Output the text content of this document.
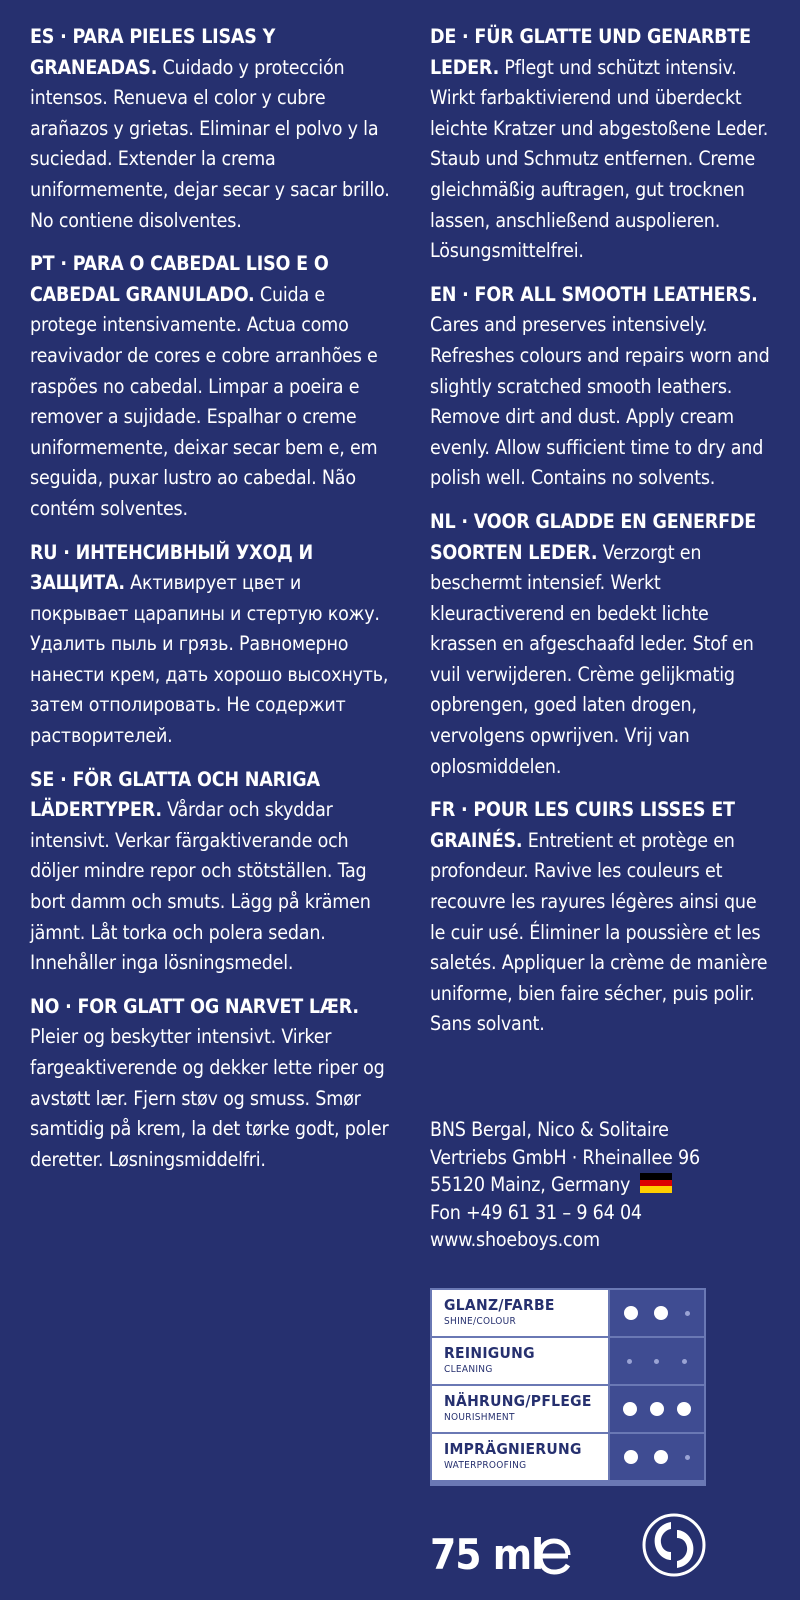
ES · PARA PIELES LISAS Y GRANEADAS. Cuidado y protección intensos. Renueva el color y cubre arañazos y grietas. Eliminar el polvo y la suciedad. Extender la crema uniformemente, dejar secar y sacar brillo. No contiene disolventes.

PT · PARA O CABEDAL LISO E O CABEDAL GRANULADO. Cuida e protege intensivamente. Actua como reavivador de cores e cobre arranhões e raspões no cabedal. Limpar a poeira e remover a sujidade. Espalhar o creme uniformemente, deixar secar bem e, em seguida, puxar lustro ao cabedal. Não contém solventes.

RU · ИНТЕНСИВНЫЙ УХОД И ЗАЩИТА. Активирует цвет и покрывает царапины и стертую кожу. Удалить пыль и грязь. Равномерно нанести крем, дать хорошо высохнуть, затем отполировать. Не содержит растворителей.

SE · FÖR GLATTA OCH NARIGA LÄDERTYPER. Vårdar och skyddar intensivt. Verkar färgaktiverande och döljer mindre repor och stötställen. Tag bort damm och smuts. Lägg på krämen jämnt. Låt torka och polera sedan. Innehåller inga lösningsmedel.

NO · FOR GLATT OG NARVET LÆR. Pleier og beskytter intensivt. Virker fargeaktiverende og dekker lette riper og avstøtt lær. Fjern støv og smuss. Smør samtidig på krem, la det tørke godt, poler deretter. Løsningsmiddelfri.

DE · FÜR GLATTE UND GENARBTE LEDER. Pflegt und schützt intensiv. Wirkt farbaktivierend und überdeckt leichte Kratzer und abgestoßene Leder. Staub und Schmutz entfernen. Creme gleichmäßig auftragen, gut trocknen lassen, anschließend auspolieren. Lösungsmittelfrei.

EN · FOR ALL SMOOTH LEATHERS. Cares and preserves intensively. Refreshes colours and repairs worn and slightly scratched smooth leathers. Remove dirt and dust. Apply cream evenly. Allow sufficient time to dry and polish well. Contains no solvents.

NL · VOOR GLADDE EN GENERFDE SOORTEN LEDER. Verzorgt en beschermt intensief. Werkt kleuractiverend en bedekt lichte krassen en afgeschaafd leder. Stof en vuil verwijderen. Crème gelijkmatig opbrengen, goed laten drogen, vervolgens opwrijven. Vrij van oplosmiddelen.

FR · POUR LES CUIRS LISSES ET GRAINÉS. Entretient et protège en profondeur. Ravive les couleurs et recouvre les rayures légères ainsi que le cuir usé. Éliminer la poussière et les saletés. Appliquer la crème de manière uniforme, bien faire sécher, puis polir. Sans solvant.

BNS Bergal, Nico & Solitaire
Vertriebs GmbH · Rheinallee 96
55120 Mainz, Germany
Fon +49 61 31 – 9 64 04
www.shoeboys.com
GLANZ/FARBE
SHINE/COLOUR
REINIGUNG
CLEANING
NÄHRUNG/PFLEGE
NOURISHMENT
IMPRÄGNIERUNG
WATERPROOFING
75 ml
